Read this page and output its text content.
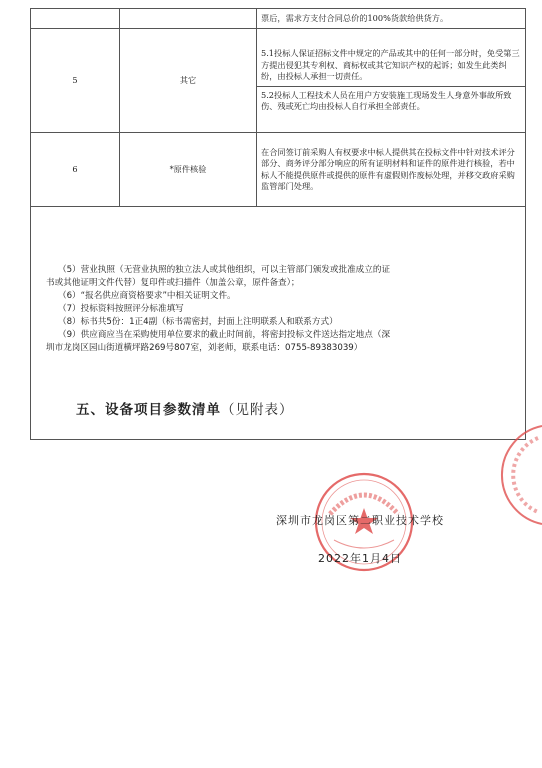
		票后，需求方支付合同总价的100%货款给供货方。

5	其它	5.1投标人保证招标文件中规定的产品或其中的任何一部分时，免受第三方提出侵犯其专利权、商标权或其它知识产权的起诉；如发生此类纠纷，由投标人承担一切责任。
5.2投标人工程技术人员在用户方安装施工现场发生人身意外事故所致伤、残或死亡均由投标人自行承担全部责任。

6	*原件核验	在合同签订前采购人有权要求中标人提供其在投标文件中针对技术评分部分、商务评分部分响应的所有证明材料和证件的原件进行核验，若中标人不能提供原件或提供的原件有虚假则作废标处理，并移交政府采购监管部门处理。
（5）营业执照（无营业执照的独立法人或其他组织，可以主管部门颁发或批准成立的证
书或其他证明文件代替）复印件或扫描件（加盖公章，原件备查）；
（6）“报名供应商资格要求”中相关证明文件。
（7）投标资料按照评分标准填写
（8）标书共5份：1正4副（标书需密封，封面上注明联系人和联系方式）
（9）供应商应当在采购使用单位要求的截止时间前，将密封投标文件送达指定地点（深
圳市龙岗区园山街道横坪路269号807室，刘老师，联系电话：0755-89383039）
五、设备项目参数清单（见附表）
深圳市龙岗区第二职业技术学校
2022年1月4日
